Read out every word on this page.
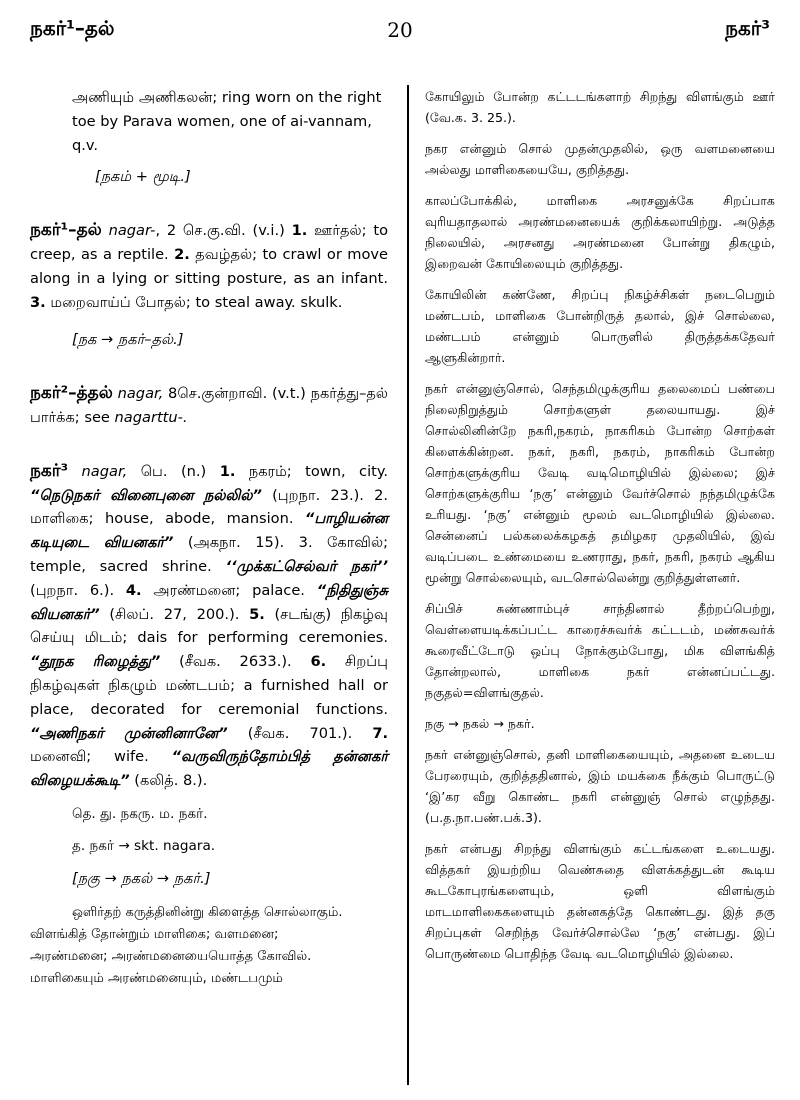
நகர்¹–தல்	20	நகர்³

அணியும் அணிகலன்; ring worn on the right

toe by Parava women, one of ai-vannam, q.v.

[நகம் + மூடி.]

நகர்¹–தல் nagar-, 2 செ.கு.வி. (v.i.) 1. ஊர்தல்; to creep, as a reptile. 2. தவழ்தல்; to crawl or move along in a lying or sitting posture, as an infant. 3. மறைவாய்ப் போதல்; to steal away. skulk.

[நக → நகர்–தல்.]

நகர்²–த்தல் nagar, 8செ.குன்றாவி. (v.t.) நகர்த்து–தல் பார்க்க; see nagarttu-.
நகர்³ nagar, பெ. (n.) 1. நகரம்; town, city. “நெடுநகர் வினைபுனை நல்லில்” (புறநா. 23.). 2. மாளிகை; house, abode, mansion. “பாழியன்ன கடியுடை வியனகர்” (அகநா. 15). 3. கோவில்; temple, sacred shrine. ‘‘முக்கட்செல்வர் நகர்’’ (புறநா. 6.). 4. அரண்மனை; palace. “நிதிதுஞ்சு வியனகர்” (சிலப். 27, 200.). 5. (சடங்கு) நிகழ்வு செய்யு மிடம்; dais for performing ceremonies. “தூநக ரிழைத்து” (சீவக. 2633.). 6. சிறப்பு நிகழ்வுகள் நிகழும் மண்டபம்; a furnished hall or place, decorated for ceremonial functions. “அணிநகர் முன்னினானே” (சீவக. 701.). 7. மனைவி; wife. “வருவிருந்தோம்பித் தன்னகர் விழையக்கூடி” (கலித். 8.).

தெ. து. நகரு. ம. நகர்.

த. நகர் → skt. nagara.

[நகு → நகல் → நகர்.]

ஒளிர்தற் கருத்தினின்று கிளைத்த சொல்லாகும்.

விளங்கித் தோன்றும் மாளிகை; வளமனை;

அரண்மனை; அரண்மனையையொத்த கோவில்.

மாளிகையும் அரண்மனையும், மண்டபமும்

கோயிலும் போன்ற கட்டடங்களாற் சிறந்து விளங்கும் ஊர் (வே.க. 3. 25.).

நகர என்னும் சொல் முதன்முதலில், ஒரு வளமனையை அல்லது மாளிகையையே, குறித்தது.

காலப்போக்கில், மாளிகை அரசனுக்கே சிறப்பாக வுரியதாதலால் அரண்மனையைக் குறிக்கலாயிற்று. அடுத்த நிலையில், அரசனது அரண்மனை போன்று திகழும், இறைவன் கோயிலையும் குறித்தது.

கோயிலின் கண்ணே, சிறப்பு நிகழ்ச்சிகள் நடைபெறும் மண்டபம், மாளிகை போன்றிருத் தலால், இச் சொல்லை, மண்டபம் என்னும் பொருளில் திருத்தக்கதேவர் ஆளுகின்றார்.

நகர் என்னுஞ்சொல், செந்தமிழுக்குரிய தலைமைப் பண்பை நிலைநிறுத்தும் சொற்களுள் தலையாயது. இச் சொல்லினின்றே நகரி,நகரம், நாகரிகம் போன்ற சொற்கள் கிளைக்கின்றன. நகர், நகரி, நகரம், நாகரிகம் போன்ற சொற்களுக்குரிய வேடி வடிமொழியில் இல்லை; இச் சொற்களுக்குரிய ‘நகு’ என்னும் வேர்ச்சொல் நந்தமிழுக்கே உரியது. ‘நகு’ என்னும் மூலம் வடமொழியில் இல்லை. சென்னைப் பல்கலைக்கழகத் தமிழகர முதலியில், இவ் வடிப்படை உண்மையை உணராது, நகர், நகரி, நகரம் ஆகிய மூன்று சொல்லையும், வடசொல்லென்று குறித்துள்ளனர்.

சிப்பிச் சுண்ணாம்புச் சாந்தினால் தீற்றப்பெற்று, வெள்ளையடிக்கப்பட்ட காரைச்சுவர்க் கட்டடம், மண்சுவர்க் கூரைவீட்டோடு ஒப்பு நோக்கும்போது, மிக விளங்கித் தோன்றலால், மாளிகை நகர் என்னப்பட்டது. நகுதல்=விளங்குதல்.

நகு → நகல் → நகர்.

நகர் என்னுஞ்சொல், தனி மாளிகையையும், அதனை உடைய பேரரையும், குறித்ததினால், இம் மயக்கை நீக்கும் பொருட்டு ‘இ’கர வீறு கொண்ட நகரி என்னுஞ் சொல் எழுந்தது. (ப.த.நா.பண்.பக்.3).

நகர் என்பது சிறந்து விளங்கும் கட்டங்களை உடையது. வித்தகர் இயற்றிய வெண்சுதை விளக்கத்துடன் கூடிய கூடகோபுரங்களையும், ஒளி விளங்கும் மாடமாளிகைகளையும் தன்னகத்தே கொண்டது. இத் தகு சிறப்புகள் செறிந்த வேர்ச்சொல்லே ‘நகு’ என்பது. இப் பொருண்மை பொதிந்த வேடி வடமொழியில் இல்லை.
